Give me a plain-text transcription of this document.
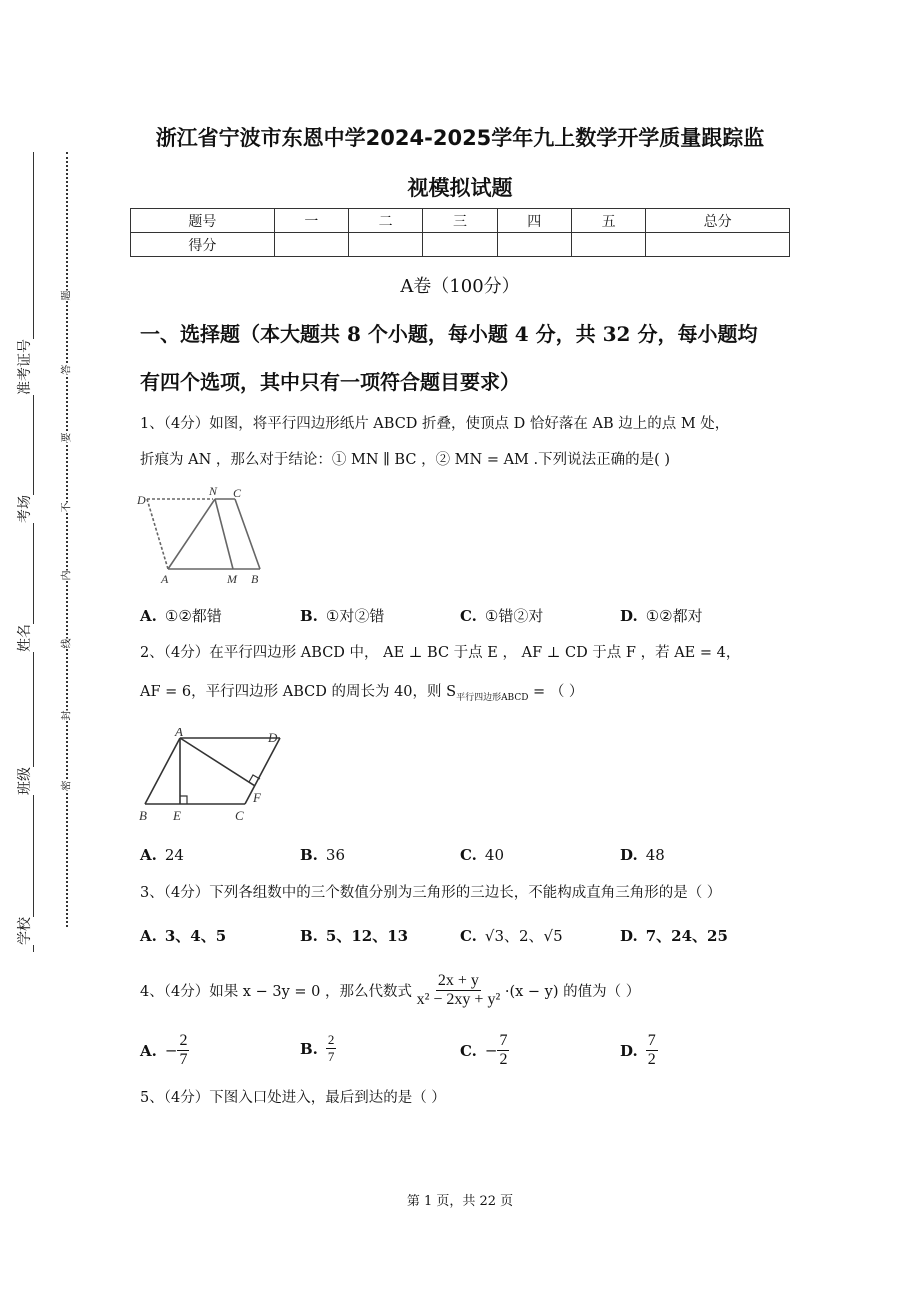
准考证号
考场
姓名
班级
学校
题
答
要
不
内
线
封
密
浙江省宁波市东恩中学2024-2025学年九上数学开学质量跟踪监
视模拟试题
题号	一	二	三	四	五	总分
得分						
A卷（100分）
一、选择题（本大题共 8 个小题，每小题 4 分，共 32 分，每小题均
有四个选项，其中只有一项符合题目要求）
1、（4分）如图，将平行四边形纸片 ABCD 折叠，使顶点 D 恰好落在 AB 边上的点 M 处，
折痕为 AN ，那么对于结论：① MN ∥ BC ，② MN = AM .下列说法正确的是( )
D
N C
A	M B
A. ①②都错	B. ①对②错	C. ①错②对	D. ①②都对
2、（4分）在平行四边形 ABCD 中， AE ⊥ BC 于点 E ， AF ⊥ CD 于点 F ，若 AE = 4，
AF = 6，平行四边形 ABCD 的周长为 40，则 $S_{平行四边形ABCD}$ = （ ）
A	D
F
B E	C
A. 24	B. 36	C. 40	D. 48
3、（4分）下列各组数中的三个数值分别为三角形的三边长，不能构成直角三角形的是（ ）
A. 3、4、5	B. 5、12、13	C. √3、2、√5	D. 7、24、25
4、（4分）如果 x − 3y = 0 ，那么代数式 $\frac{2x + y}{\text{x² − 2xy + y²}} \cdot(x - y)$ 的值为（ ）
A. − $\frac{2}{7}$	B. $\frac{2}{7}$	C. − $\frac{7}{2}$	D. $\frac{7}{2}$
5、（4分）下图入口处进入，最后到达的是（ ）
第 1 页，共 22 页
